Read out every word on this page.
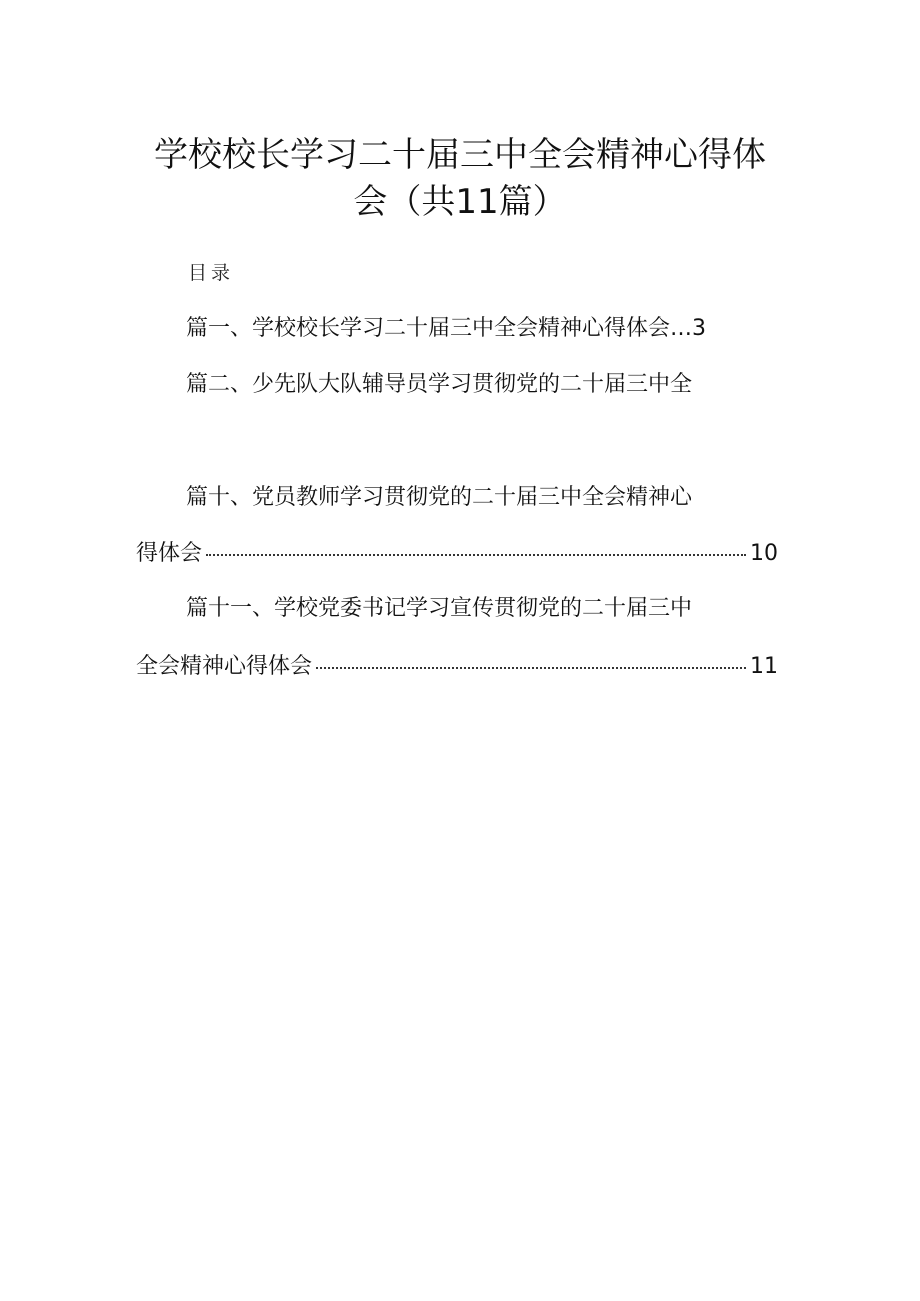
学校校长学习二十届三中全会精神心得体
会（共11篇）
目录
篇一、学校校长学习二十届三中全会精神心得体会…3
篇二、少先队大队辅导员学习贯彻党的二十届三中全
篇十、党员教师学习贯彻党的二十届三中全会精神心
得体会	10
篇十一、学校党委书记学习宣传贯彻党的二十届三中
全会精神心得体会	11
